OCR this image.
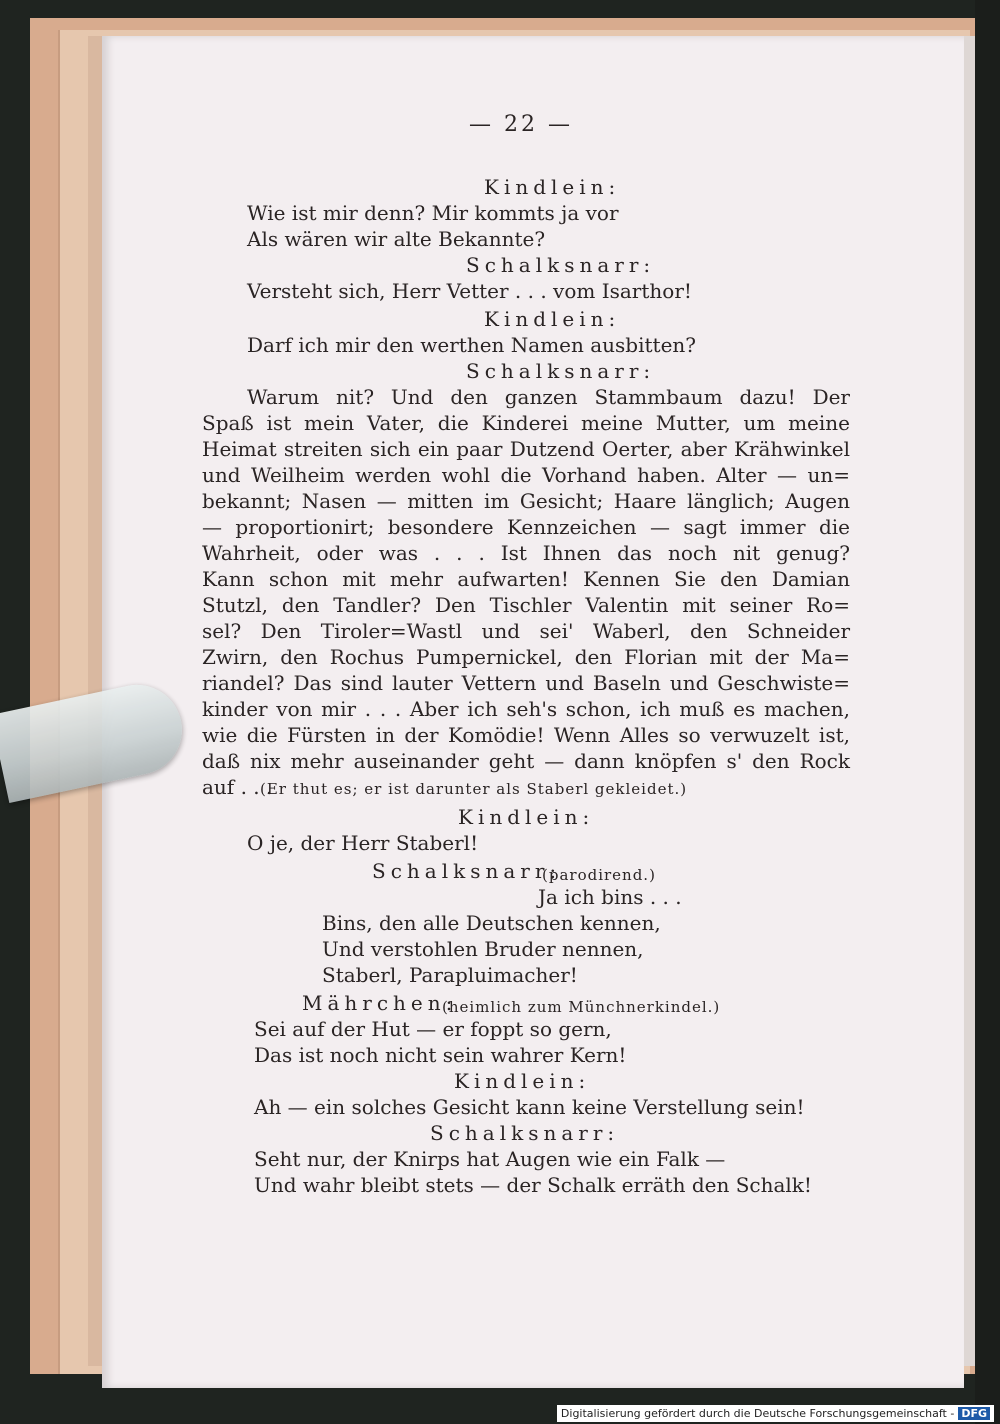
— 22 —
Kindlein:
Wie ist mir denn? Mir kommts ja vor
Als wären wir alte Bekannte?
Schalksnarr:
Versteht sich, Herr Vetter . . . vom Isarthor!
Kindlein:
Darf ich mir den werthen Namen ausbitten?
Schalksnarr:
Warum nit? Und den ganzen Stammbaum dazu! Der
Spaß ist mein Vater, die Kinderei meine Mutter, um meine
Heimat streiten sich ein paar Dutzend Oerter, aber Krähwinkel
und Weilheim werden wohl die Vorhand haben. Alter — un=
bekannt; Nasen — mitten im Gesicht; Haare länglich; Augen
— proportionirt; besondere Kennzeichen — sagt immer die
Wahrheit, oder was . . . Ist Ihnen das noch nit genug?
Kann schon mit mehr aufwarten! Kennen Sie den Damian
Stutzl, den Tandler? Den Tischler Valentin mit seiner Ro=
sel? Den Tiroler=Wastl und sei' Waberl, den Schneider
Zwirn, den Rochus Pumpernickel, den Florian mit der Ma=
riandel? Das sind lauter Vettern und Baseln und Geschwiste=
kinder von mir . . . Aber ich seh's schon, ich muß es machen,
wie die Fürsten in der Komödie! Wenn Alles so verwuzelt ist,
daß nix mehr auseinander geht — dann knöpfen s' den Rock
auf . . .
(Er thut es; er ist darunter als Staberl gekleidet.)
Kindlein:
O je, der Herr Staberl!
Schalksnarr:
(parodirend.)
Ja ich bins . . .
Bins, den alle Deutschen kennen,
Und verstohlen Bruder nennen,
Staberl, Parapluimacher!
Mährchen:
(heimlich zum Münchnerkindel.)
Sei auf der Hut — er foppt so gern,
Das ist noch nicht sein wahrer Kern!
Kindlein:
Ah — ein solches Gesicht kann keine Verstellung sein!
Schalksnarr:
Seht nur, der Knirps hat Augen wie ein Falk —
Und wahr bleibt stets — der Schalk erräth den Schalk!
Digitalisierung gefördert durch die Deutsche Forschungsgemeinschaft - DFG
